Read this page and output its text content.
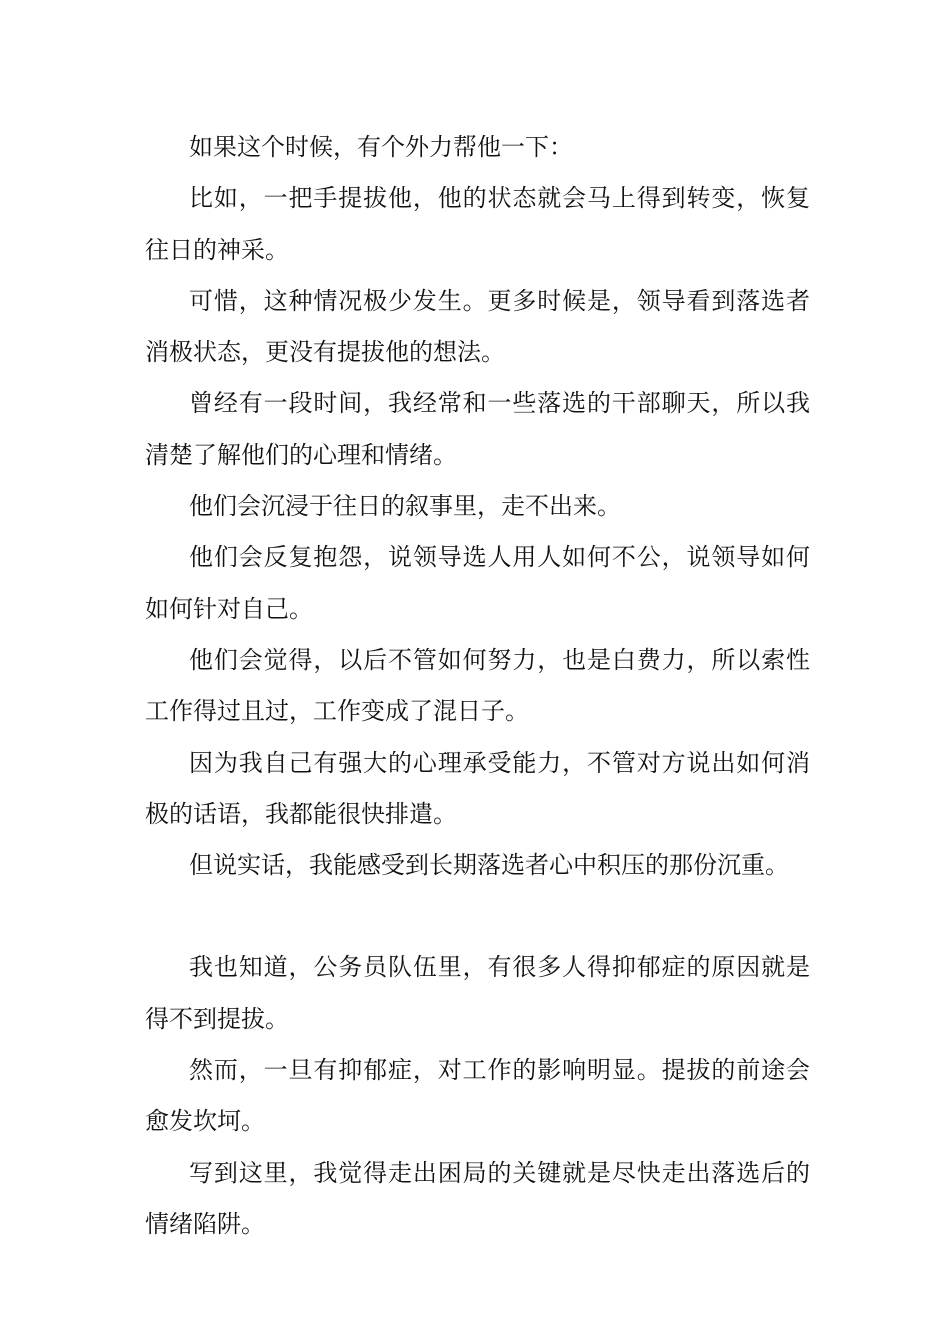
如果这个时候，有个外力帮他一下：

比如，一把手提拔他，他的状态就会马上得到转变，恢复往日的神采。

可惜，这种情况极少发生。更多时候是，领导看到落选者消极状态，更没有提拔他的想法。

曾经有一段时间，我经常和一些落选的干部聊天，所以我清楚了解他们的心理和情绪。

他们会沉浸于往日的叙事里，走不出来。

他们会反复抱怨，说领导选人用人如何不公，说领导如何如何针对自己。

他们会觉得，以后不管如何努力，也是白费力，所以索性工作得过且过，工作变成了混日子。

因为我自己有强大的心理承受能力，不管对方说出如何消极的话语，我都能很快排遣。

但说实话，我能感受到长期落选者心中积压的那份沉重。

我也知道，公务员队伍里，有很多人得抑郁症的原因就是得不到提拔。

然而，一旦有抑郁症，对工作的影响明显。提拔的前途会愈发坎坷。

写到这里，我觉得走出困局的关键就是尽快走出落选后的情绪陷阱。
